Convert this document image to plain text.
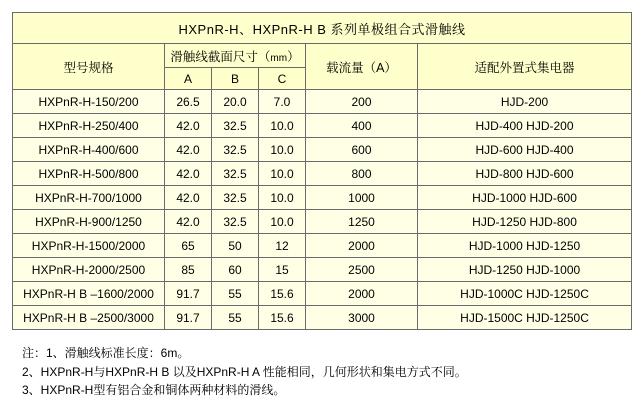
HXPnR-H、HXPnR-H B 系列单极组合式滑触线					
型号规格	滑触线截面尺寸（mm）			载流量（A）	适配外置式集电器
	A	B	C		
HXPnR-H-150/200	26.5	20.0	7.0	200	HJD-200
HXPnR-H-250/400	42.0	32.5	10.0	400	HJD-400 HJD-200
HXPnR-H-400/600	42.0	32.5	10.0	600	HJD-600 HJD-400
HXPnR-H-500/800	42.0	32.5	10.0	800	HJD-800 HJD-600
HXPnR-H-700/1000	42.0	32.5	10.0	1000	HJD-1000 HJD-600
HXPnR-H-900/1250	42.0	32.5	10.0	1250	HJD-1250 HJD-800
HXPnR-H-1500/2000	65	50	12	2000	HJD-1000 HJD-1250
HXPnR-H-2000/2500	85	60	15	2500	HJD-1250 HJD-1000
HXPnR-H B –1600/2000	91.7	55	15.6	2000	HJD-1000C HJD-1250C
HXPnR-H B –2500/3000	91.7	55	15.6	3000	HJD-1500C HJD-1250C
注：1、滑触线标准长度：6m。
2、HXPnR-H与HXPnR-H B 以及HXPnR-H A 性能相同，几何形状和集电方式不同。
3、HXPnR-H型有铝合金和铜体两种材料的滑线。
